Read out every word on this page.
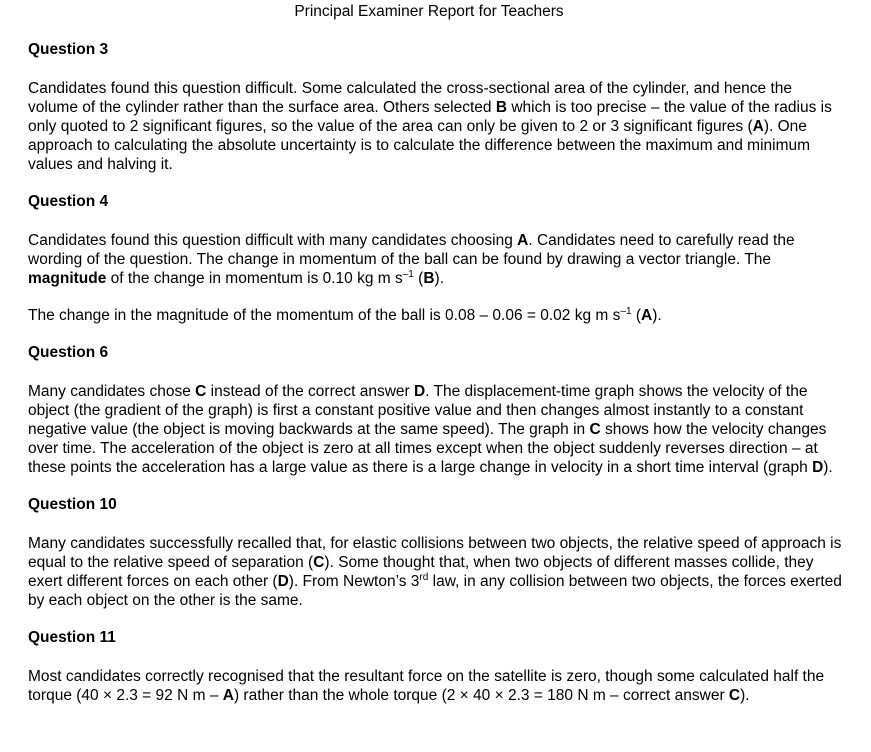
Principal Examiner Report for Teachers
Question 3
Candidates found this question difficult. Some calculated the cross-sectional area of the cylinder, and hence the volume of the cylinder rather than the surface area. Others selected B which is too precise – the value of the radius is only quoted to 2 significant figures, so the value of the area can only be given to 2 or 3 significant figures (A). One approach to calculating the absolute uncertainty is to calculate the difference between the maximum and minimum values and halving it.
Question 4
Candidates found this question difficult with many candidates choosing A. Candidates need to carefully read the wording of the question. The change in momentum of the ball can be found by drawing a vector triangle. The magnitude of the change in momentum is 0.10 kg m $s^{-1}$ (B).
The change in the magnitude of the momentum of the ball is 0.08 – 0.06 = 0.02 kg m $s^{-1}$ (A).
Question 6
Many candidates chose C instead of the correct answer D. The displacement-time graph shows the velocity of the object (the gradient of the graph) is first a constant positive value and then changes almost instantly to a constant negative value (the object is moving backwards at the same speed). The graph in C shows how the velocity changes over time. The acceleration of the object is zero at all times except when the object suddenly reverses direction – at these points the acceleration has a large value as there is a large change in velocity in a short time interval (graph D).
Question 10
Many candidates successfully recalled that, for elastic collisions between two objects, the relative speed of approach is equal to the relative speed of separation (C). Some thought that, when two objects of different masses collide, they exert different forces on each other (D). From Newton’s 3rd law, in any collision between two objects, the forces exerted by each object on the other is the same.
Question 11
Most candidates correctly recognised that the resultant force on the satellite is zero, though some calculated half the torque (40 × 2.3 = 92 N m – A) rather than the whole torque (2 × 40 × 2.3 = 180 N m – correct answer C).
